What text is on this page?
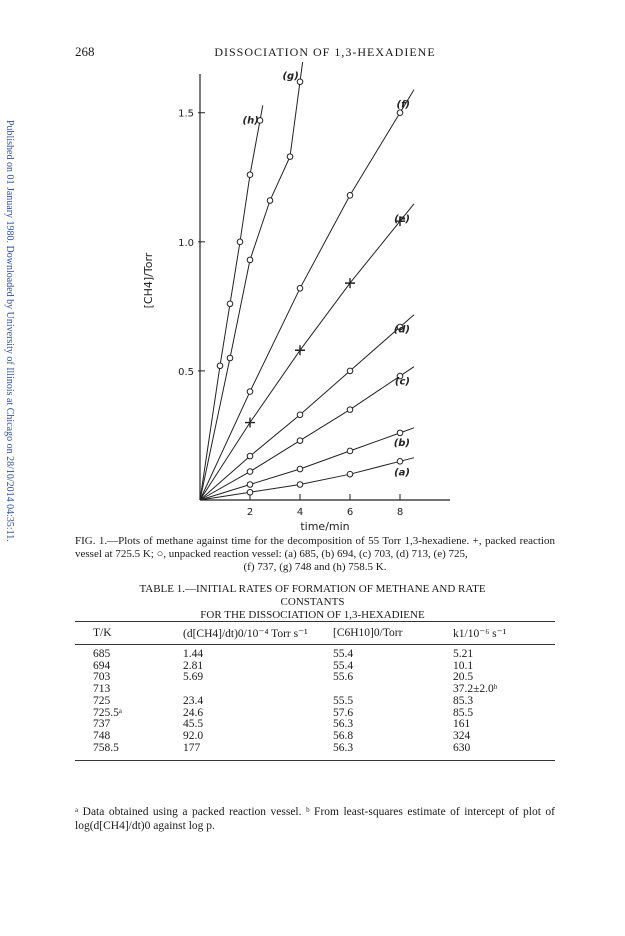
Published on 01 January 1980. Downloaded by University of Illinois at Chicago on 28/10/2014 04:35:11.
268	DISSOCIATION OF 1,3-HEXADIENE
2	4	6	8
0.5
1.0
1.5
time/min
[CH4]/Torr
(a)
(b)
(c)
(d)
(e)
(f)
(g)
(h)
FIG. 1.—Plots of methane against time for the decomposition of 55 Torr 1,3-hexadiene. +, packed reaction vessel at 725.5 K; ○, unpacked reaction vessel: (a) 685, (b) 694, (c) 703, (d) 713, (e) 725,
(f) 737, (g) 748 and (h) 758.5 K.
TABLE 1.—INITIAL RATES OF FORMATION OF METHANE AND RATE CONSTANTS
FOR THE DISSOCIATION OF 1,3-HEXADIENE
T/K	(d[CH4]/dt)0/10⁻⁴ Torr s⁻¹	[C6H10]0/Torr	k1/10⁻⁶ s⁻¹
685	1.44	55.4	5.21
694	2.81	55.4	10.1
703	5.69	55.6	20.5
713			37.2±2.0ᵇ
725	23.4	55.5	85.3
725.5ᵃ	24.6	57.6	85.5
737	45.5	56.3	161
748	92.0	56.8	324
758.5	177	56.3	630
ᵃ Data obtained using a packed reaction vessel. ᵇ From least-squares estimate of intercept of plot of log(d[CH4]/dt)0 against log p.
